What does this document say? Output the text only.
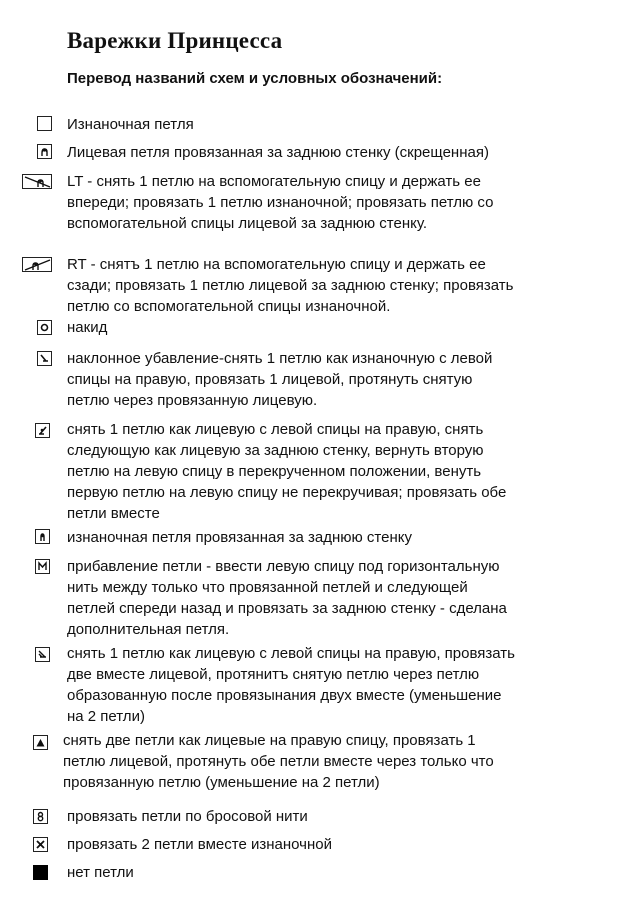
Варежки Принцесса
Перевод названий схем и условных обозначений:

Изнаночная петля

Лицевая петля провязанная за заднюю стенку (скрещенная)

LT - снять 1 петлю на вспомогательную спицу и держать ее
впереди; провязать 1 петлю изнаночной; провязать петлю со
вспомогательной спицы лицевой за заднюю стенку.

RT - снятъ 1 петлю на вспомогательную спицу и держать ее
сзади; провязать 1 петлю лицевой за заднюю стенку; провязать
петлю со вспомогательной спицы изнаночной.

накид

наклонное убавление-снять 1 петлю как изнаночную с левой
спицы на правую, провязать 1 лицевой, протянуть снятую
петлю через провязанную лицевую.

снять 1 петлю как лицевую с левой спицы на правую, снять
следующую как лицевую за заднюю стенку, вернуть вторую
петлю на левую спицу в перекрученном положении, венуть
первую петлю на левую спицу не перекручивая; провязать обе
петли вместе

изнаночная петля провязанная за заднюю стенку

прибавление петли - ввести левую спицу под горизонтальную
нить между только что провязанной петлей и следующей
петлей спереди назад и провязать за заднюю стенку - сделана
дополнительная петля.

снять 1 петлю как лицевую с левой спицы на правую, провязать
две вместе лицевой, протянитъ снятую петлю через петлю
образованную после провязынания двух вместе (уменьшение
на 2 петли)

снять две петли как лицевые на правую спицу, провязать 1
петлю лицевой, протянуть обе петли вместе через только что
провязанную петлю (уменьшение на 2 петли)

провязать петли по бросовой нити

провязать 2 петли вместе изнаночной

нет петли
